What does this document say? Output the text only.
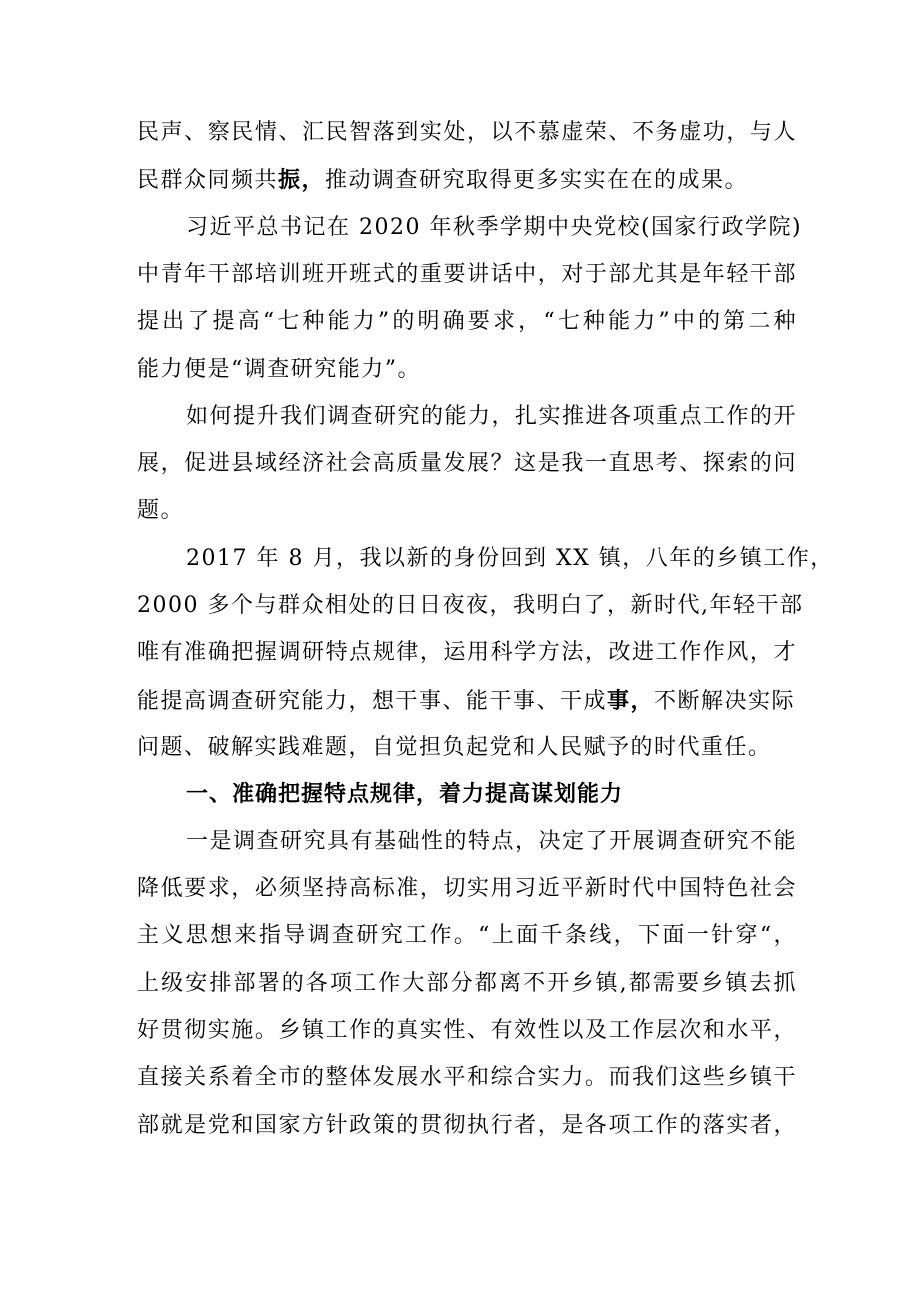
民声、察民情、汇民智落到实处，以不慕虚荣、不务虚功，与人
民群众同频共振，推动调查研究取得更多实实在在的成果。
习近平总书记在 2020 年秋季学期中央党校(国家行政学院)
中青年干部培训班开班式的重要讲话中，对于部尤其是年轻干部
提出了提高“七种能力”的明确要求，“七种能力”中的第二种
能力便是“调查研究能力”。
如何提升我们调查研究的能力，扎实推进各项重点工作的开
展，促进县域经济社会高质量发展？这是我一直思考、探索的问
题。
2017 年 8 月，我以新的身份回到 XX 镇，八年的乡镇工作，
2000 多个与群众相处的日日夜夜，我明白了，新时代,年轻干部
唯有准确把握调研特点规律，运用科学方法，改进工作作风，才
能提高调查研究能力，想干事、能干事、干成事，不断解决实际
问题、破解实践难题，自觉担负起党和人民赋予的时代重任。
一、准确把握特点规律，着力提高谋划能力
一是调查研究具有基础性的特点，决定了开展调查研究不能
降低要求，必须坚持高标准，切实用习近平新时代中国特色社会
主义思想来指导调查研究工作。“上面千条线，下面一针穿“，
上级安排部署的各项工作大部分都离不开乡镇,都需要乡镇去抓
好贯彻实施。乡镇工作的真实性、有效性以及工作层次和水平，
直接关系着全市的整体发展水平和综合实力。而我们这些乡镇干
部就是党和国家方针政策的贯彻执行者，是各项工作的落实者，
